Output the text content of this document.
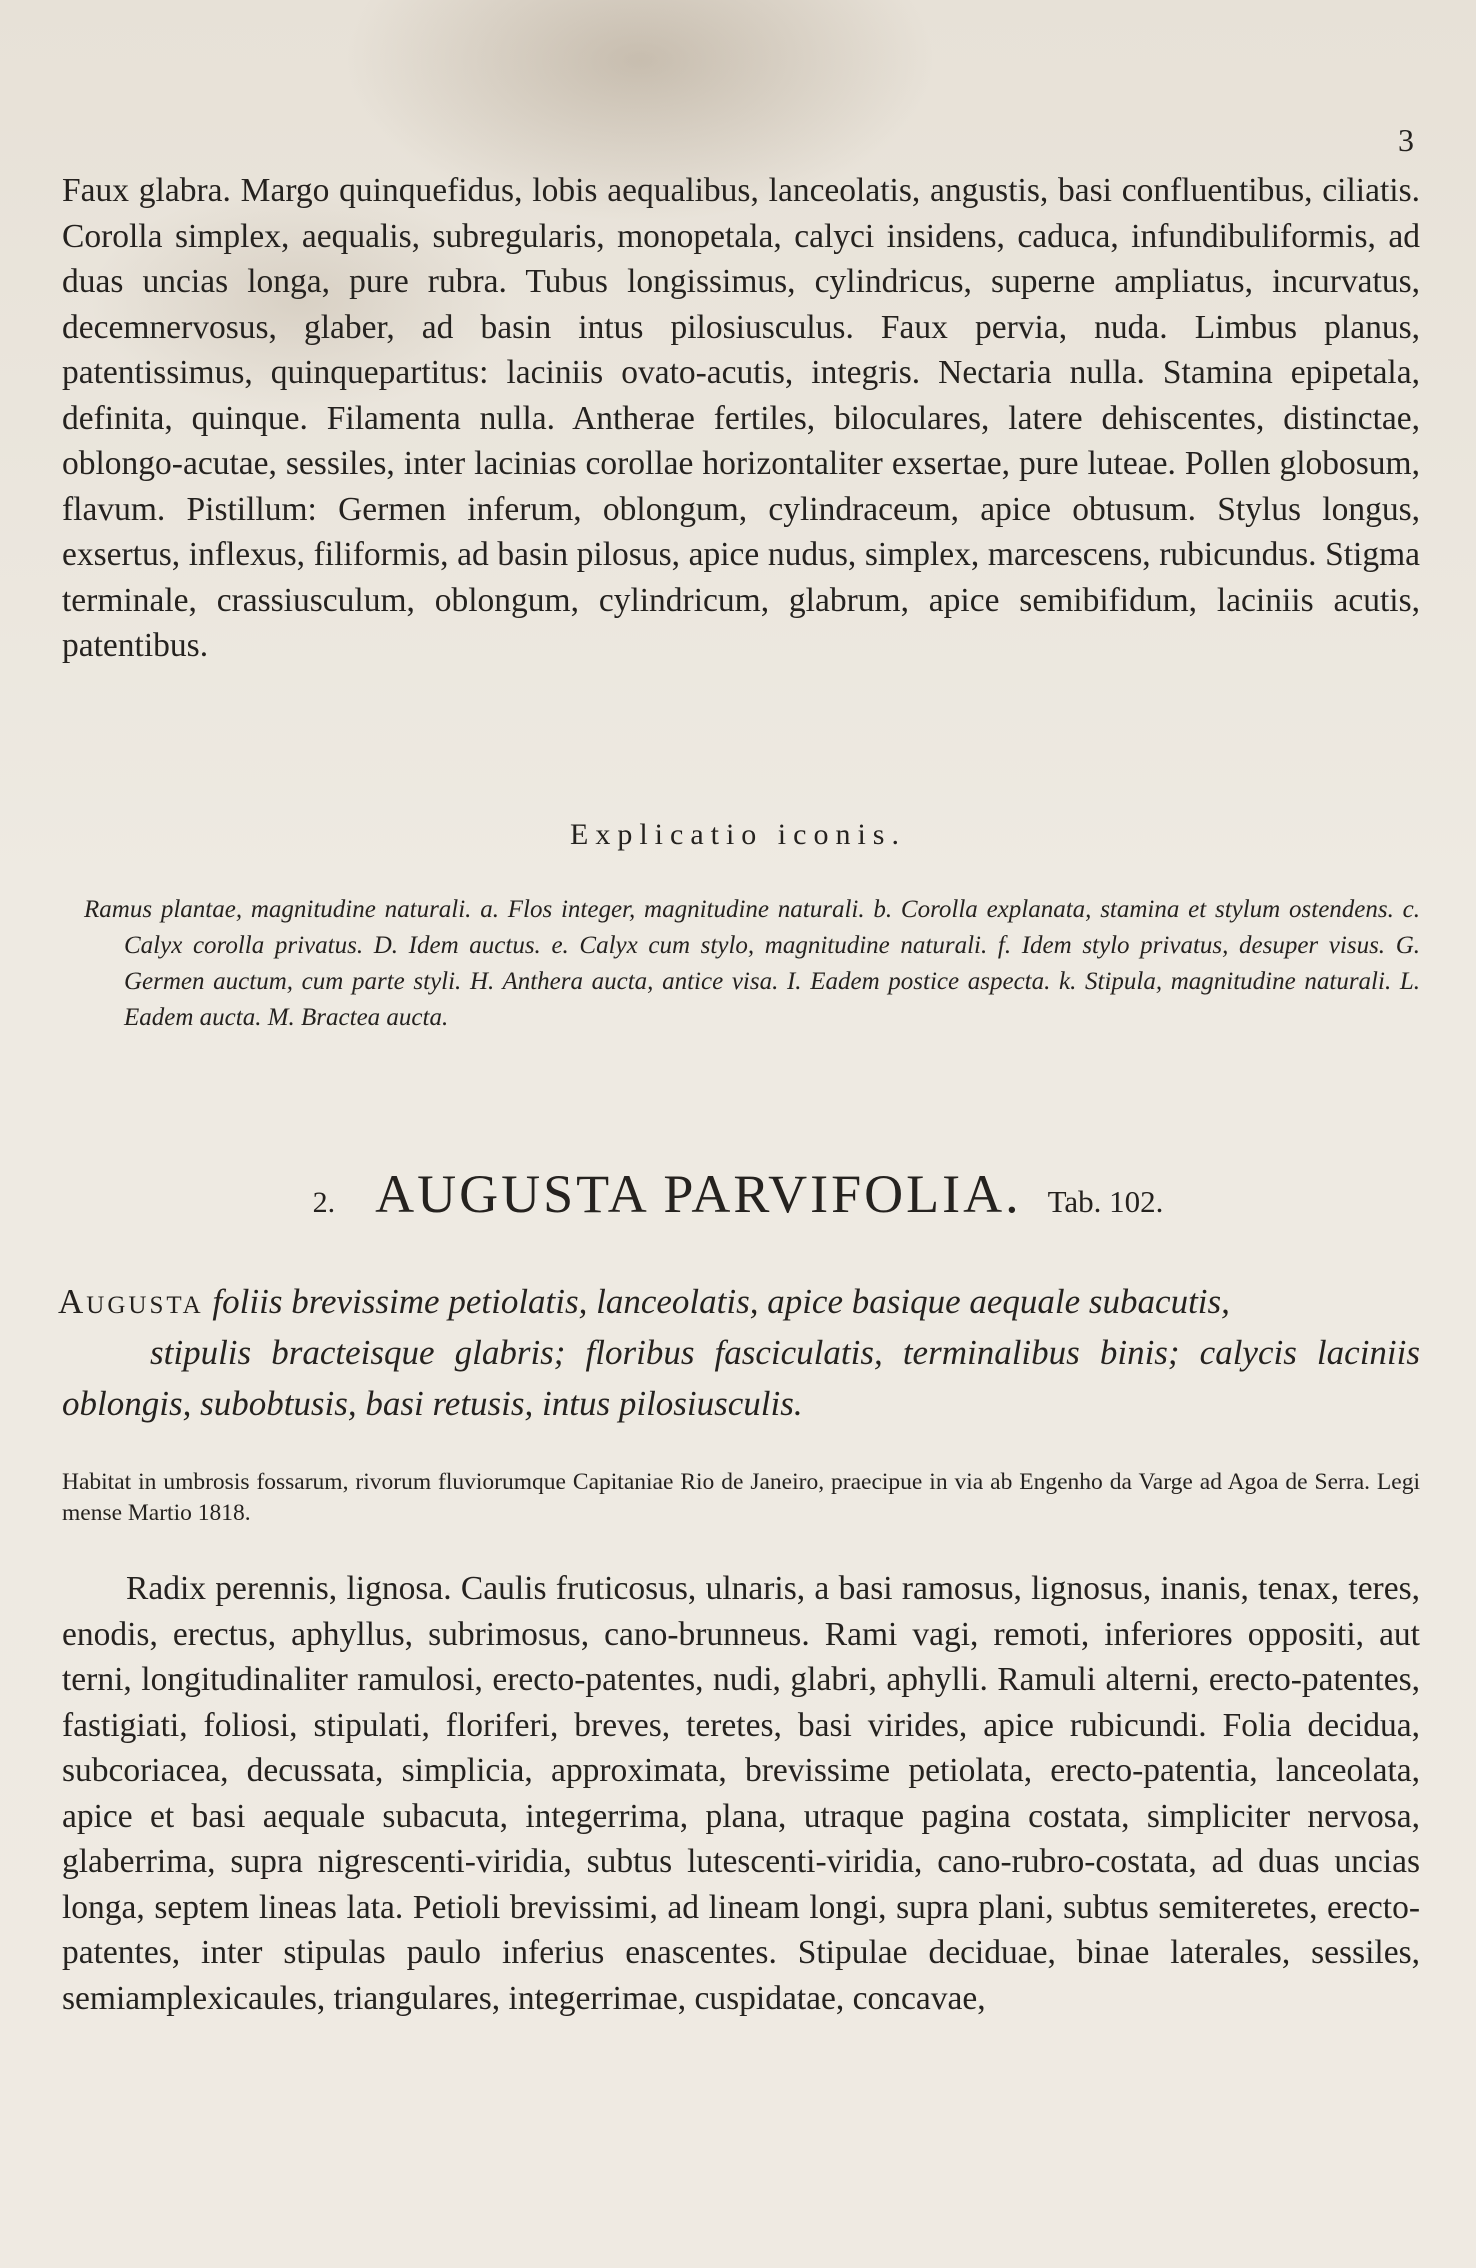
3

Faux glabra. Margo quinquefidus, lobis aequalibus, lanceolatis, angustis, basi confluentibus, ciliatis. Corolla simplex, aequalis, subregularis, monopetala, calyci insidens, caduca, infundibuliformis, ad duas uncias longa, pure rubra. Tubus longissimus, cylindricus, superne ampliatus, incurvatus, decemnervosus, glaber, ad basin intus pilosiusculus. Faux pervia, nuda. Limbus planus, patentissimus, quinquepartitus: laciniis ovato-acutis, integris. Nectaria nulla. Stamina epipetala, definita, quinque. Filamenta nulla. Antherae fertiles, biloculares, latere dehiscentes, distinctae, oblongo-acutae, sessiles, inter lacinias corollae horizontaliter exsertae, pure luteae. Pollen globosum, flavum. Pistillum: Germen inferum, oblongum, cylindraceum, apice obtusum. Stylus longus, exsertus, inflexus, filiformis, ad basin pilosus, apice nudus, simplex, marcescens, rubicundus. Stigma terminale, crassiusculum, oblongum, cylindricum, glabrum, apice semibifidum, laciniis acutis, patentibus.

Explicatio iconis.
Ramus plantae, magnitudine naturali. a. Flos integer, magnitudine naturali. b. Corolla explanata, stamina et stylum ostendens. c. Calyx corolla privatus. D. Idem auctus. e. Calyx cum stylo, magnitudine naturali. f. Idem stylo privatus, desuper visus. G. Germen auctum, cum parte styli. H. Anthera aucta, antice visa. I. Eadem postice aspecta. k. Stipula, magnitudine naturali. L. Eadem aucta. M. Bractea aucta.
2. AUGUSTA PARVIFOLIA. Tab. 102.
Augusta foliis brevissime petiolatis, lanceolatis, apice basique aequale subacutis,
stipulis bracteisque glabris; floribus fasciculatis, terminalibus binis; calycis laciniis oblongis, subobtusis, basi retusis, intus pilosiusculis.
Habitat in umbrosis fossarum, rivorum fluviorumque Capitaniae Rio de Janeiro, praecipue in via ab Engenho da Varge ad Agoa de Serra. Legi mense Martio 1818.

Radix perennis, lignosa. Caulis fruticosus, ulnaris, a basi ramosus, lignosus, inanis, tenax, teres, enodis, erectus, aphyllus, subrimosus, cano-brunneus. Rami vagi, remoti, inferiores oppositi, aut terni, longitudinaliter ramulosi, erecto-patentes, nudi, glabri, aphylli. Ramuli alterni, erecto-patentes, fastigiati, foliosi, stipulati, floriferi, breves, teretes, basi virides, apice rubicundi. Folia decidua, subcoriacea, decussata, simplicia, approximata, brevissime petiolata, erecto-patentia, lanceolata, apice et basi aequale subacuta, integerrima, plana, utraque pagina costata, simpliciter nervosa, glaberrima, supra nigrescenti-viridia, subtus lutescenti-viridia, cano-rubro-costata, ad duas uncias longa, septem lineas lata. Petioli brevissimi, ad lineam longi, supra plani, subtus semiteretes, erecto-patentes, inter stipulas paulo inferius enascentes. Stipulae deciduae, binae laterales, sessiles, semiamplexicaules, triangulares, integerrimae, cuspidatae, concavae,
